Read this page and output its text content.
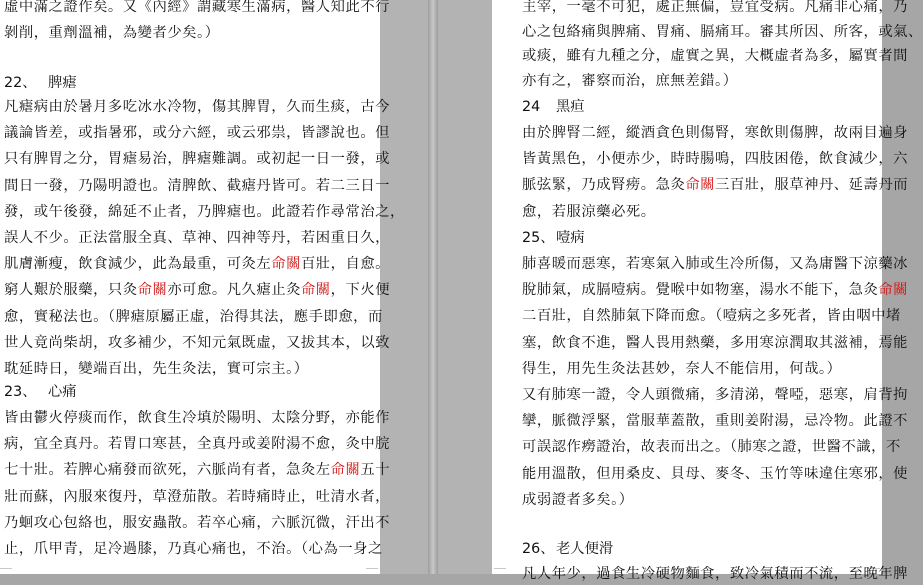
虛中滿之證作矣。又《內經》謂藏寒生滿病，醫人知此不行
剝削，重劑溫補，為變者少矣。）
22、 脾瘧
凡瘧病由於暑月多吃冰水冷物，傷其脾胃，久而生痰，古今
議論皆差，或指暑邪，或分六經，或云邪祟，皆謬說也。但
只有脾胃之分，胃瘧易治，脾瘧難調。或初起一日一發，或
間日一發，乃陽明證也。清脾飲、截瘧丹皆可。若二三日一
發，或午後發，綿延不止者，乃脾瘧也。此證若作尋常治之，
誤人不少。正法當服全真、草神、四神等丹，若困重日久，
肌膚漸瘦，飲食減少，此為最重，可灸左命關百壯，自愈。
窮人艱於服藥，只灸命關亦可愈。凡久瘧止灸命關，下火便
愈，實秘法也。（脾瘧原屬正虛，治得其法，應手即愈，而
世人竟尚柴胡，攻多補少，不知元氣既虛，又拔其本，以致
耽延時日，變端百出，先生灸法，實可宗主。）
23、 心痛
皆由鬱火停痰而作，飲食生冷填於陽明、太陰分野，亦能作
病，宜全真丹。若胃口寒甚，全真丹或姜附湯不愈，灸中脘
七十壯。若脾心痛發而欲死，六脈尚有者，急灸左命關五十
壯而蘇，內服來復丹，草澄茄散。若時痛時止，吐清水者，
乃蛔攻心包絡也，服安蟲散。若卒心痛，六脈沉微，汗出不
止，爪甲青，足冷過膝，乃真心痛也，不治。（心為一身之
主宰，一毫不可犯，處正無偏，豈宜受病。凡痛非心痛，乃
心之包絡痛與脾痛、胃痛、膈痛耳。審其所因、所客，或氣、
或痰，雖有九種之分，虛實之異，大概虛者為多，屬實者間
亦有之，審察而治，庶無差錯。）
24 黑疸
由於脾腎二經，縱酒貪色則傷腎，寒飲則傷脾，故兩目遍身
皆黃黑色，小便赤少，時時腸鳴，四肢困倦，飲食減少，六
脈弦緊，乃成腎痨。急灸命關三百壯，服草神丹、延壽丹而
愈，若服涼藥必死。
25、 噎病
肺喜暖而惡寒，若寒氣入肺或生冷所傷，又為庸醫下涼藥冰
脫肺氣，成膈噎病。覺喉中如物塞，湯水不能下，急灸命關
二百壯，自然肺氣下降而愈。（噎病之多死者，皆由咽中堵
塞，飲食不進，醫人畏用熱藥，多用寒涼潤取其滋補，焉能
得生，用先生灸法甚妙，奈人不能信用，何哉。）
又有肺寒一證，令人頭微痛，多清涕，聲啞，惡寒，肩背拘
攣，脈微浮緊，當服華蓋散，重則姜附湯，忌冷物。此證不
可誤認作癆證治，故表而出之。（肺寒之證，世醫不識，不
能用溫散，但用桑皮、貝母、麥冬、玉竹等味違住寒邪，使
成弱證者多矣。）
26、 老人便滑
凡人年少，過食生冷硬物麵食，致冷氣積而不流，至晚年脾
